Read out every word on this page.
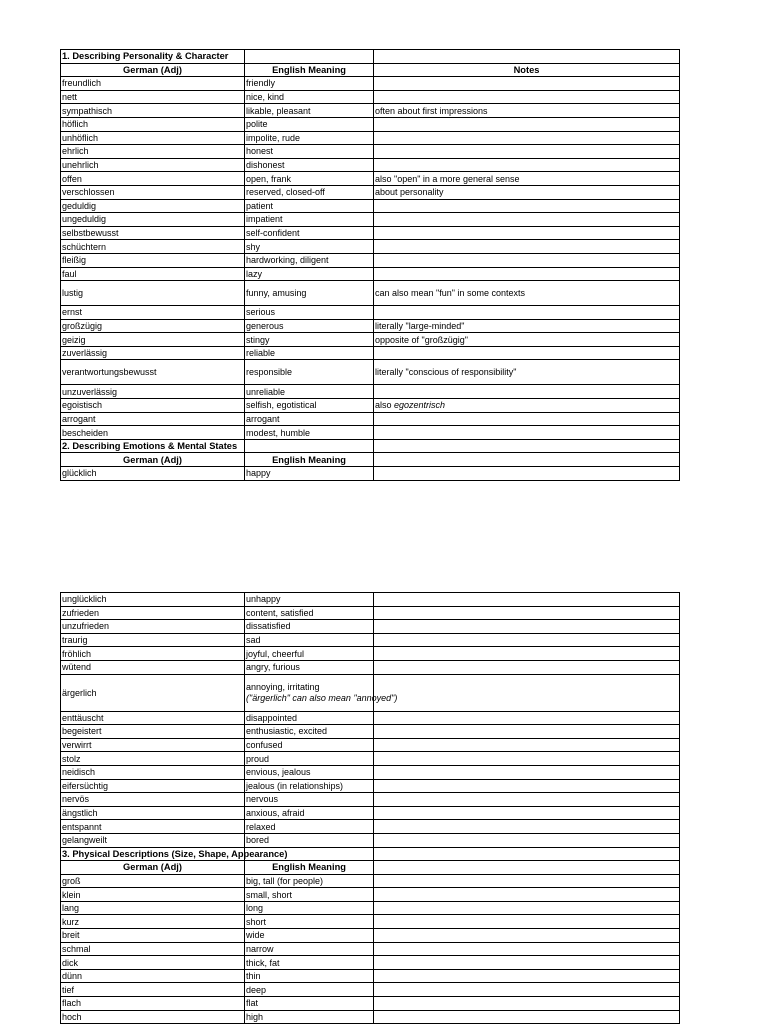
1. Describing Personality & Character		
German (Adj)	English Meaning	Notes
freundlich	friendly	
nett	nice, kind	
sympathisch	likable, pleasant	often about first impressions
höflich	polite	
unhöflich	impolite, rude	
ehrlich	honest	
unehrlich	dishonest	
offen	open, frank	also "open" in a more general sense
verschlossen	reserved, closed-off	about personality
geduldig	patient	
ungeduldig	impatient	
selbstbewusst	self-confident	
schüchtern	shy	
fleißig	hardworking, diligent	
faul	lazy	
lustig	funny, amusing	can also mean "fun" in some contexts
ernst	serious	
großzügig	generous	literally "large-minded"
geizig	stingy	opposite of "großzügig"
zuverlässig	reliable	
verantwortungsbewusst	responsible	literally "conscious of responsibility"
unzuverlässig	unreliable	
egoistisch	selfish, egotistical	also egozentrisch
arrogant	arrogant	
bescheiden	modest, humble	
2. Describing Emotions & Mental States		
German (Adj)	English Meaning	
glücklich	happy	
unglücklich	unhappy	
zufrieden	content, satisfied	
unzufrieden	dissatisfied	
traurig	sad	
fröhlich	joyful, cheerful	
wütend	angry, furious	
ärgerlich	annoying, irritating
("ärgerlich" can also mean "annoyed")	
enttäuscht	disappointed	
begeistert	enthusiastic, excited	
verwirrt	confused	
stolz	proud	
neidisch	envious, jealous	
eifersüchtig	jealous (in relationships)	
nervös	nervous	
ängstlich	anxious, afraid	
entspannt	relaxed	
gelangweilt	bored	
3. Physical Descriptions (Size, Shape, Appearance)		
German (Adj)	English Meaning	
groß	big, tall (for people)	
klein	small, short	
lang	long	
kurz	short	
breit	wide	
schmal	narrow	
dick	thick, fat	
dünn	thin	
tief	deep	
flach	flat	
hoch	high	
